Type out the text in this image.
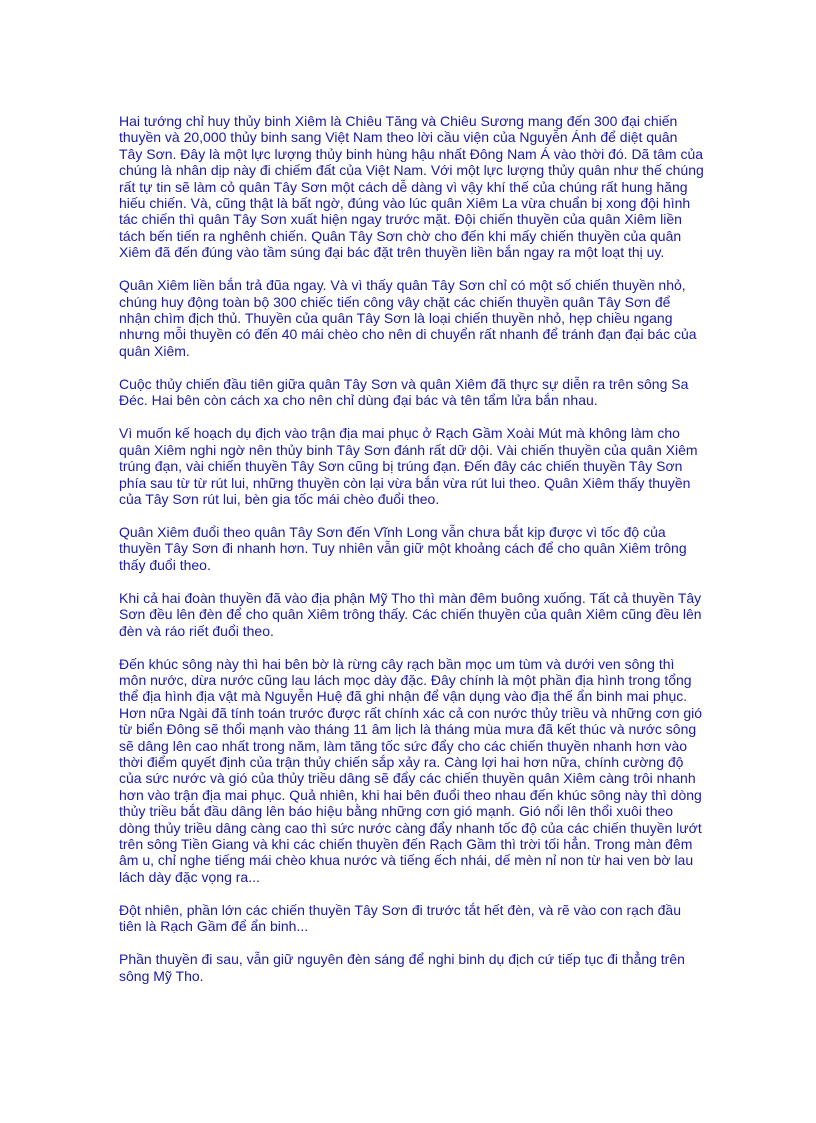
Hai tướng chỉ huy thủy binh Xiêm là Chiêu Tăng và Chiêu Sương mang đến 300 đại chiến thuyền và 20,000 thủy binh sang Việt Nam theo lời cầu viện của Nguyễn Ánh để diệt quân Tây Sơn. Đây là một lực lượng thủy binh hùng hậu nhất Đông Nam Á vào thời đó. Dã tâm của chúng là nhân dịp này đi chiếm đất của Việt Nam. Với một lực lượng thủy quân như thế chúng rất tự tin sẽ làm cỏ quân Tây Sơn một cách dễ dàng vì vậy khí thế của chúng rất hung hăng hiếu chiến. Và, cũng thật là bất ngờ, đúng vào lúc quân Xiêm La vừa chuẩn bị xong đội hình tác chiến thì quân Tây Sơn xuất hiện ngay trước mặt. Đội chiến thuyền của quân Xiêm liền tách bến tiến ra nghênh chiến. Quân Tây Sơn chờ cho đến khi mấy chiến thuyền của quân Xiêm đã đến đúng vào tầm súng đại bác đặt trên thuyền liền bắn ngay ra một loạt thị uy.

Quân Xiêm liền bắn trả đũa ngay. Và vì thấy quân Tây Sơn chỉ có một số chiến thuyền nhỏ, chúng huy động toàn bộ 300 chiếc tiến công vây chặt các chiến thuyền quân Tây Sơn để nhận chìm địch thủ. Thuyền của quân Tây Sơn là loại chiến thuyền nhỏ, hẹp chiều ngang nhưng mỗi thuyền có đến 40 mái chèo cho nên di chuyển rất nhanh để tránh đạn đại bác của quân Xiêm.

Cuộc thủy chiến đầu tiên giữa quân Tây Sơn và quân Xiêm đã thực sự diễn ra trên sông Sa Đéc. Hai bên còn cách xa cho nên chỉ dùng đại bác và tên tẩm lửa bắn nhau.

Vì muốn kế hoạch dụ địch vào trận địa mai phục ở Rạch Gầm Xoài Mút mà không làm cho quân Xiêm nghi ngờ nên thủy binh Tây Sơn đánh rất dữ dội. Vài chiến thuyền của quân Xiêm trúng đạn, vài chiến thuyền Tây Sơn cũng bị trúng đạn. Đến đây các chiến thuyền Tây Sơn phía sau từ từ rút lui, những thuyền còn lại vừa bắn vừa rút lui theo. Quân Xiêm thấy thuyền của Tây Sơn rút lui, bèn gia tốc mái chèo đuổi theo.

Quân Xiêm đuổi theo quân Tây Sơn đến Vĩnh Long vẫn chưa bắt kịp được vì tốc độ của thuyền Tây Sơn đi nhanh hơn. Tuy nhiên vẫn giữ một khoảng cách để cho quân Xiêm trông thấy đuổi theo.

Khi cả hai đoàn thuyền đã vào địa phận Mỹ Tho thì màn đêm buông xuống. Tất cả thuyền Tây Sơn đều lên đèn để cho quân Xiêm trông thấy. Các chiến thuyền của quân Xiêm cũng đều lên đèn và ráo riết đuổi theo.

Đến khúc sông này thì hai bên bờ là rừng cây rạch bần mọc um tùm và dưới ven sông thì môn nước, dừa nước cũng lau lách mọc dày đặc. Đây chính là một phần địa hình trong tổng thể địa hình địa vật mà Nguyễn Huệ đã ghi nhận để vận dụng vào địa thế ẩn binh mai phục. Hơn nữa Ngài đã tính toán trước được rất chính xác cả con nước thủy triều và những cơn gió từ biển Đông sẽ thổi mạnh vào tháng 11 âm lịch là tháng mùa mưa đã kết thúc và nước sông sẽ dâng lên cao nhất trong năm, làm tăng tốc sức đẩy cho các chiến thuyền nhanh hơn vào thời điểm quyết định của trận thủy chiến sắp xảy ra. Càng lợi hai hơn nữa, chính cường độ của sức nước và gió của thủy triều dâng sẽ đẩy các chiến thuyền quân Xiêm càng trôi nhanh hơn vào trận địa mai phục. Quả nhiên, khi hai bên đuổi theo nhau đến khúc sông này thì dòng thủy triều bắt đầu dâng lên báo hiệu bằng những cơn gió mạnh. Gió nổi lên thổi xuôi theo dòng thủy triều dâng càng cao thì sức nước càng đẩy nhanh tốc độ của các chiến thuyền lướt trên sông Tiền Giang và khi các chiến thuyền đến Rạch Gầm thì trời tối hẳn. Trong màn đêm âm u, chỉ nghe tiếng mái chèo khua nước và tiếng ếch nhái, dế mèn nỉ non từ hai ven bờ lau lách dày đặc vọng ra...

Đột nhiên, phần lớn các chiến thuyền Tây Sơn đi trước tắt hết đèn, và rẽ vào con rạch đầu tiên là Rạch Gầm để ẩn binh...

Phần thuyền đi sau, vẫn giữ nguyên đèn sáng để nghi binh dụ địch cứ tiếp tục đi thẳng trên sông Mỹ Tho.
